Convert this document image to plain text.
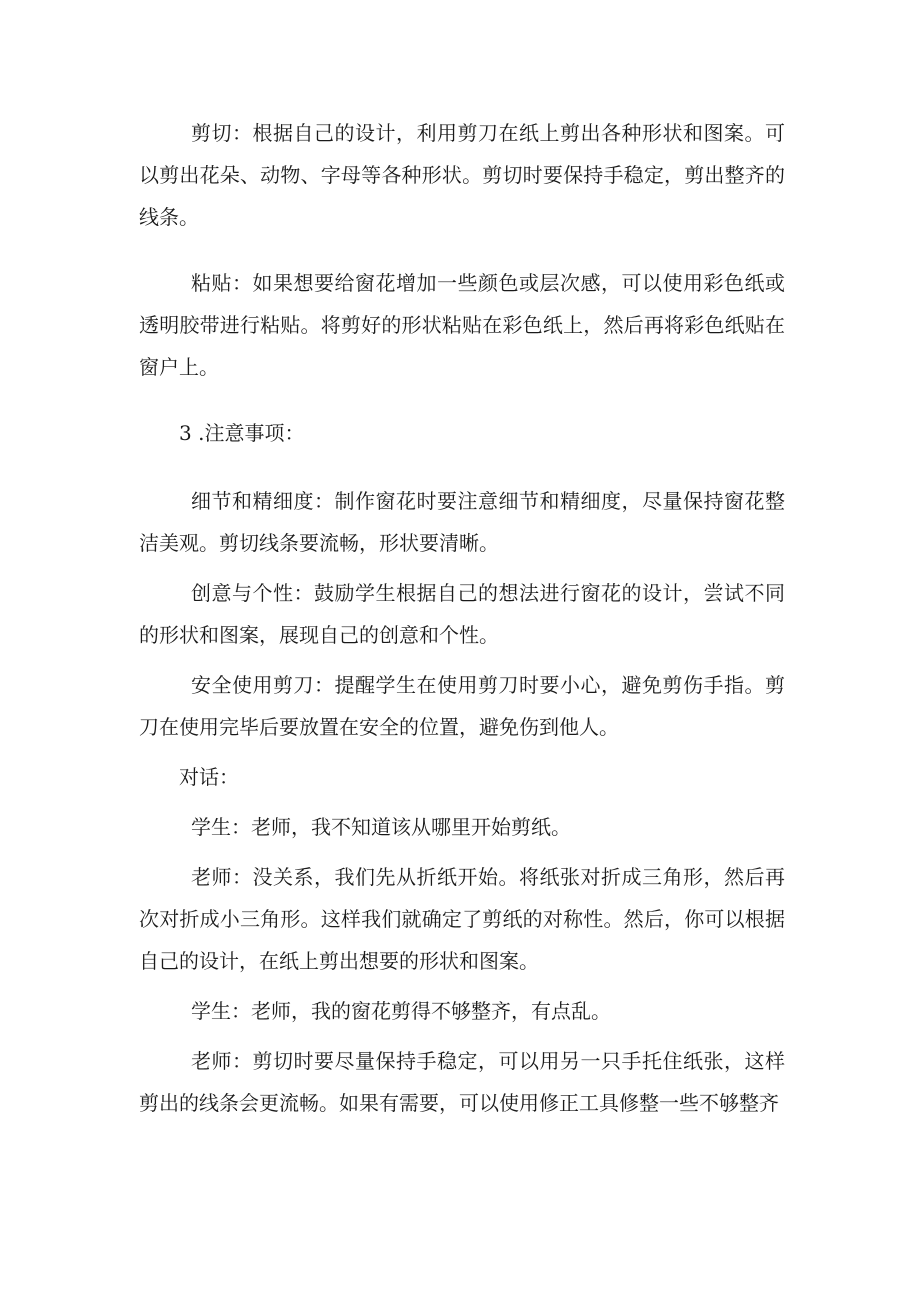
剪切：根据自己的设计，利用剪刀在纸上剪出各种形状和图案。可以剪出花朵、动物、字母等各种形状。剪切时要保持手稳定，剪出整齐的线条。

粘贴：如果想要给窗花增加一些颜色或层次感，可以使用彩色纸或透明胶带进行粘贴。将剪好的形状粘贴在彩色纸上，然后再将彩色纸贴在窗户上。

3 .注意事项：

细节和精细度：制作窗花时要注意细节和精细度，尽量保持窗花整洁美观。剪切线条要流畅，形状要清晰。

创意与个性：鼓励学生根据自己的想法进行窗花的设计，尝试不同的形状和图案，展现自己的创意和个性。

安全使用剪刀：提醒学生在使用剪刀时要小心，避免剪伤手指。剪刀在使用完毕后要放置在安全的位置，避免伤到他人。

对话：

学生：老师，我不知道该从哪里开始剪纸。

老师：没关系，我们先从折纸开始。将纸张对折成三角形，然后再次对折成小三角形。这样我们就确定了剪纸的对称性。然后，你可以根据自己的设计，在纸上剪出想要的形状和图案。

学生：老师，我的窗花剪得不够整齐，有点乱。

老师：剪切时要尽量保持手稳定，可以用另一只手托住纸张，这样剪出的线条会更流畅。如果有需要，可以使用修正工具修整一些不够整齐
